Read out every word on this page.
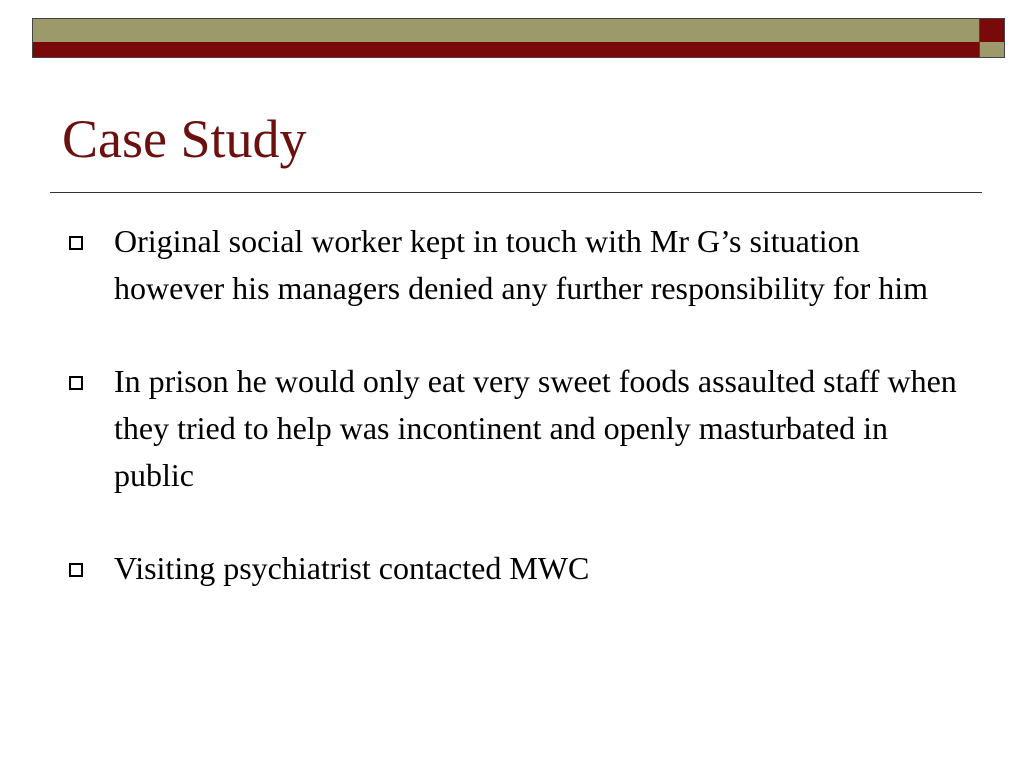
Case Study
Original social worker kept in touch with Mr G’s situation however his managers denied any further responsibility for him
In prison he would only eat very sweet foods assaulted staff when they tried to help was incontinent and openly masturbated in public
Visiting psychiatrist contacted MWC
